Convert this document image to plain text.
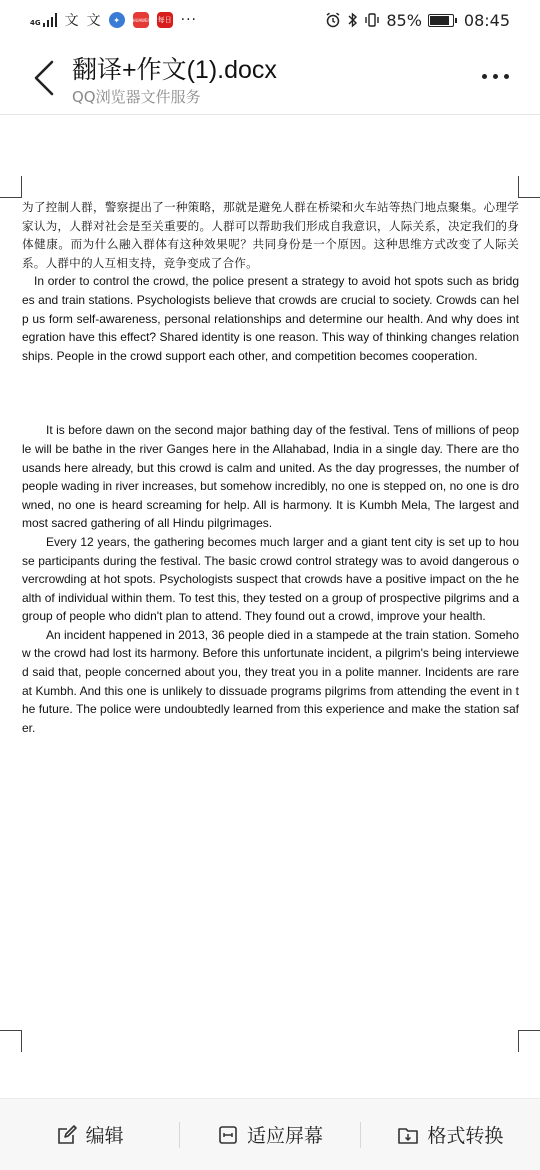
4G 文 文	✦	HUAWEI 每日 ···	85%	08:45
翻译+作文(1).docx
QQ浏览器文件服务

为了控制人群，警察提出了一种策略，那就是避免人群在桥梁和火车站等热门地点聚集。心理学家认为，人群对社会是至关重要的。人群可以帮助我们形成自我意识，人际关系，决定我们的身体健康。而为什么融入群体有这种效果呢？共同身份是一个原因。这种思维方式改变了人际关系。人群中的人互相支持，竞争变成了合作。

In order to control the crowd, the police present a strategy to avoid hot spots such as bridges and train stations. Psychologists believe that crowds are crucial to society. Crowds can help us form self-awareness, personal relationships and determine our health. And why does integration have this effect? Shared identity is one reason. This way of thinking changes relationships. People in the crowd support each other, and competition becomes cooperation.

It is before dawn on the second major bathing day of the festival. Tens of millions of people will be bathe in the river Ganges here in the Allahabad, India in a single day. There are thousands here already, but this crowd is calm and united. As the day progresses, the number of people wading in river increases, but somehow incredibly, no one is stepped on, no one is drowned, no one is heard screaming for help. All is harmony. It is Kumbh Mela, The largest and most sacred gathering of all Hindu pilgrimages.

Every 12 years, the gathering becomes much larger and a giant tent city is set up to house participants during the festival. The basic crowd control strategy was to avoid dangerous overcrowding at hot spots. Psychologists suspect that crowds have a positive impact on the health of individual within them. To test this, they tested on a group of prospective pilgrims and a group of people who didn't plan to attend. They found out a crowd, improve your health.

An incident happened in 2013, 36 people died in a stampede at the train station. Somehow the crowd had lost its harmony. Before this unfortunate incident, a pilgrim's being interviewed said that, people concerned about you, they treat you in a polite manner. Incidents are rare at Kumbh. And this one is unlikely to dissuade programs pilgrims from attending the event in the future. The police were undoubtedly learned from this experience and make the station safer.

编辑	适应屏幕	格式转换
